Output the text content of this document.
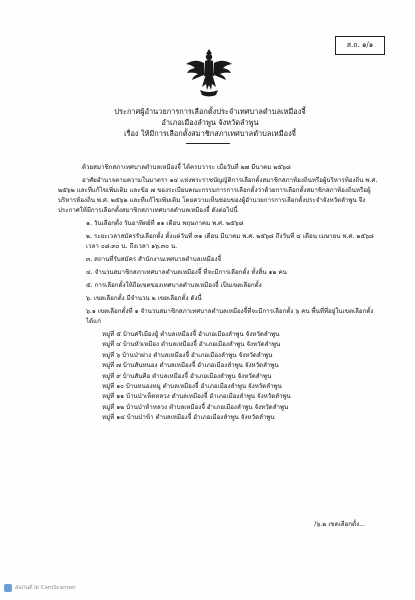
ส.ถ. ๑/๑
ประกาศผู้อำนวยการการเลือกตั้งประจำเทศบาลตำบลเหมืองจี้
อำเภอเมืองลำพูน จังหวัดลำพูน
เรื่อง ให้มีการเลือกตั้งสมาชิกสภาเทศบาลตำบลเหมืองจี้

ด้วยสมาชิกสภาเทศบาลตำบลเหมืองจี้ ได้ครบวาระ เมื่อวันที่ ๒๗ มีนาคม ๒๕๖๘

อาศัยอำนาจตามความในมาตรา ๑๔ แห่งพระราชบัญญัติการเลือกตั้งสมาชิกสภาท้องถิ่นหรือผู้บริหารท้องถิ่น พ.ศ. ๒๕๖๒ และที่แก้ไขเพิ่มเติม และข้อ ๗ ของระเบียบคณะกรรมการการเลือกตั้งว่าด้วยการเลือกตั้งสมาชิกสภาท้องถิ่นหรือผู้บริหารท้องถิ่น พ.ศ. ๒๕๖๒ และที่แก้ไขเพิ่มเติม โดยความเห็นชอบของผู้อำนวยการการเลือกตั้งประจำจังหวัดลำพูน จึงประกาศให้มีการเลือกตั้งสมาชิกสภาเทศบาลตำบลเหมืองจี้ ดังต่อไปนี้

๑. วันเลือกตั้ง วันอาทิตย์ที่ ๑๑ เดือน พฤษภาคม พ.ศ. ๒๕๖๘

๒. ระยะเวลาสมัครรับเลือกตั้ง ตั้งแต่วันที่ ๓๑ เดือน มีนาคม พ.ศ. ๒๕๖๘ ถึงวันที่ ๔ เดือน เมษายน พ.ศ. ๒๕๖๘ เวลา ๐๘.๓๐ น. ถึงเวลา ๑๖.๓๐ น.

๓. สถานที่รับสมัคร สำนักงานเทศบาลตำบลเหมืองจี้

๔. จำนวนสมาชิกสภาเทศบาลตำบลเหมืองจี้ ที่จะมีการเลือกตั้ง ทั้งสิ้น ๑๒ คน

๕. การเลือกตั้งให้ถือเขตของเทศบาลตำบลเหมืองจี้ เป็นเขตเลือกตั้ง

๖. เขตเลือกตั้ง มีจำนวน ๒ เขตเลือกตั้ง ดังนี้

๖.๑ เขตเลือกตั้งที่ ๑ จำนวนสมาชิกสภาเทศบาลตำบลเหมืองจี้ที่จะมีการเลือกตั้ง ๖ คน พื้นที่ที่อยู่ในเขตเลือกตั้ง ได้แก่

หมู่ที่ ๕ บ้านศรีเมืองยู้ ตำบลเหมืองจี้ อำเภอเมืองลำพูน จังหวัดลำพูน
หมู่ที่ ๔ บ้านหัวเหมือง ตำบลเหมืองจี้ อำเภอเมืองลำพูน จังหวัดลำพูน
หมู่ที่ ๖ บ้านป่าฝาง ตำบลเหมืองจี้ อำเภอเมืองลำพูน จังหวัดลำพูน
หมู่ที่ ๗ บ้านสันหนอง ตำบลเหมืองจี้ อำเภอเมืองลำพูน จังหวัดลำพูน
หมู่ที่ ๙ บ้านสันคือ ตำบลเหมืองจี้ อำเภอเมืองลำพูน จังหวัดลำพูน
หมู่ที่ ๑๐ บ้านหนองหมู ตำบลเหมืองจี้ อำเภอเมืองลำพูน จังหวัดลำพูน
หมู่ที่ ๑๑ บ้านป่าเห็ดหลวง ตำบลเหมืองจี้ อำเภอเมืองลำพูน จังหวัดลำพูน
หมู่ที่ ๑๒ บ้านป่าห้าหลวง ตำบลเหมืองจี้ อำเภอเมืองลำพูน จังหวัดลำพูน
หมู่ที่ ๑๔ บ้านป่าข้า ตำบลเหมืองจี้ อำเภอเมืองลำพูน จังหวัดลำพูน
/๖.๒ เขตเลือกตั้ง...
สแกนด้วย CamScanner
